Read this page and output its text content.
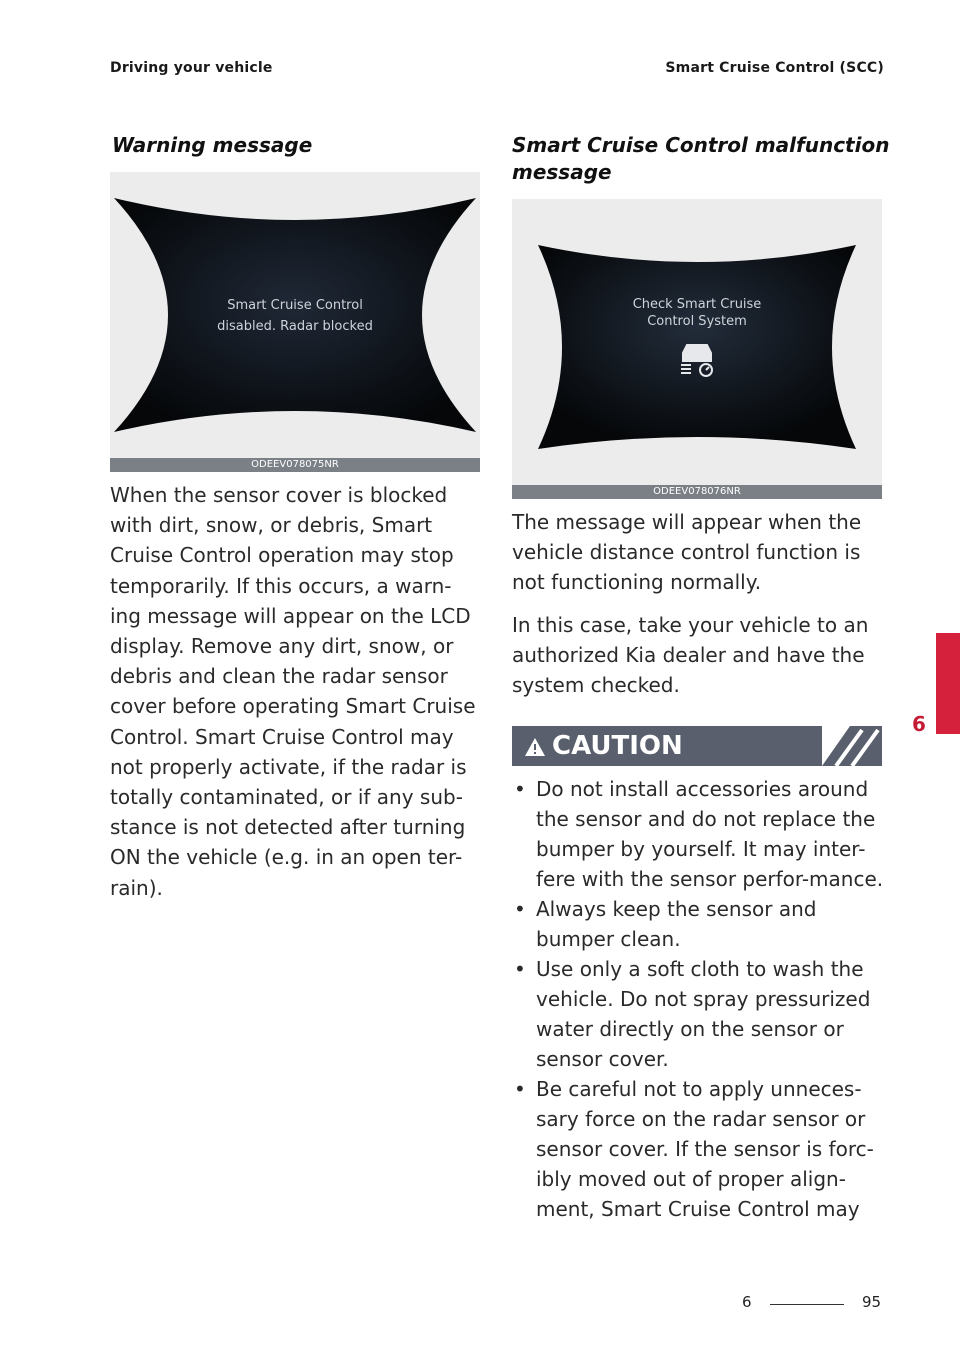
Driving your vehicle	Smart Cruise Control (SCC)
Warning message
Smart Cruise Control
disabled. Radar blocked
ODEEV078075NR

When the sensor cover is blocked with dirt, snow, or debris, Smart Cruise Control operation may stop temporarily. If this occurs, a warn-ing message will appear on the LCD display. Remove any dirt, snow, or debris and clean the radar sensor cover before operating Smart Cruise Control. Smart Cruise Control may not properly activate, if the radar is totally contaminated, or if any sub-stance is not detected after turning ON the vehicle (e.g. in an open ter-rain).

Smart Cruise Control malfunction message
Check Smart Cruise
Control System
ODEEV078076NR

The message will appear when the vehicle distance control function is not functioning normally.

In this case, take your vehicle to an authorized Kia dealer and have the system checked.

CAUTION
• Do not install accessories around the sensor and do not replace the bumper by yourself. It may inter-fere with the sensor perfor-mance.
• Always keep the sensor and bumper clean.
• Use only a soft cloth to wash the vehicle. Do not spray pressurized water directly on the sensor or sensor cover.
• Be careful not to apply unneces-sary force on the radar sensor or sensor cover. If the sensor is forc-ibly moved out of proper align-ment, Smart Cruise Control may
6
6	95
